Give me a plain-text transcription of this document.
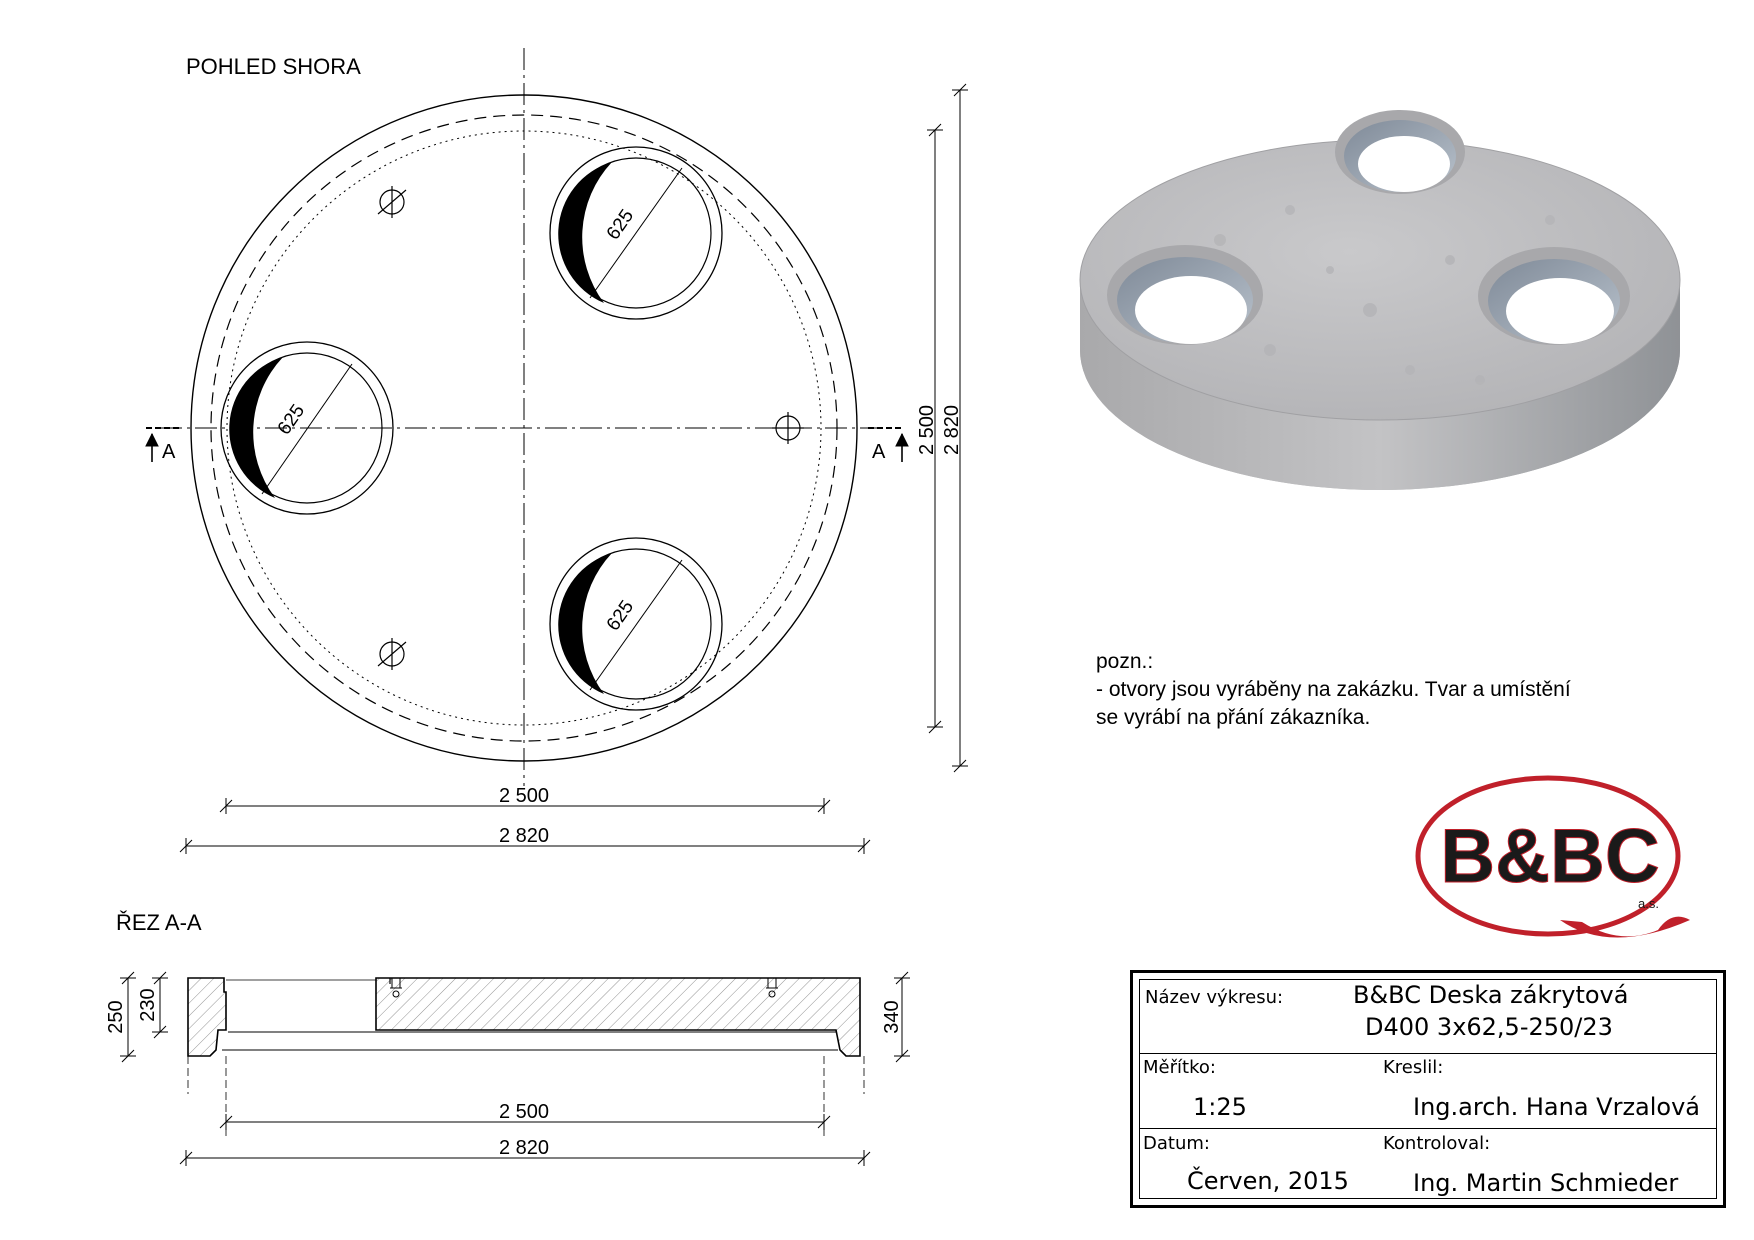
POHLED SHORA
625
625
625
A	A 2 500 2 820
2 500
2 820
ŘEZ A-A
250 230	340
2 500
2 820
pozn.:
- otvory jsou vyráběny na zakázku. Tvar a umístění
se vyrábí na přání zákazníka.
B&BC
a.s.
Název výkresu:	B&BC Deska zákrytová
D400 3x62,5-250/23
Měřítko:
1:25
Kreslil:
Ing.arch. Hana Vrzalová
Datum:
Červen, 2015
Kontroloval:
Ing. Martin Schmieder
